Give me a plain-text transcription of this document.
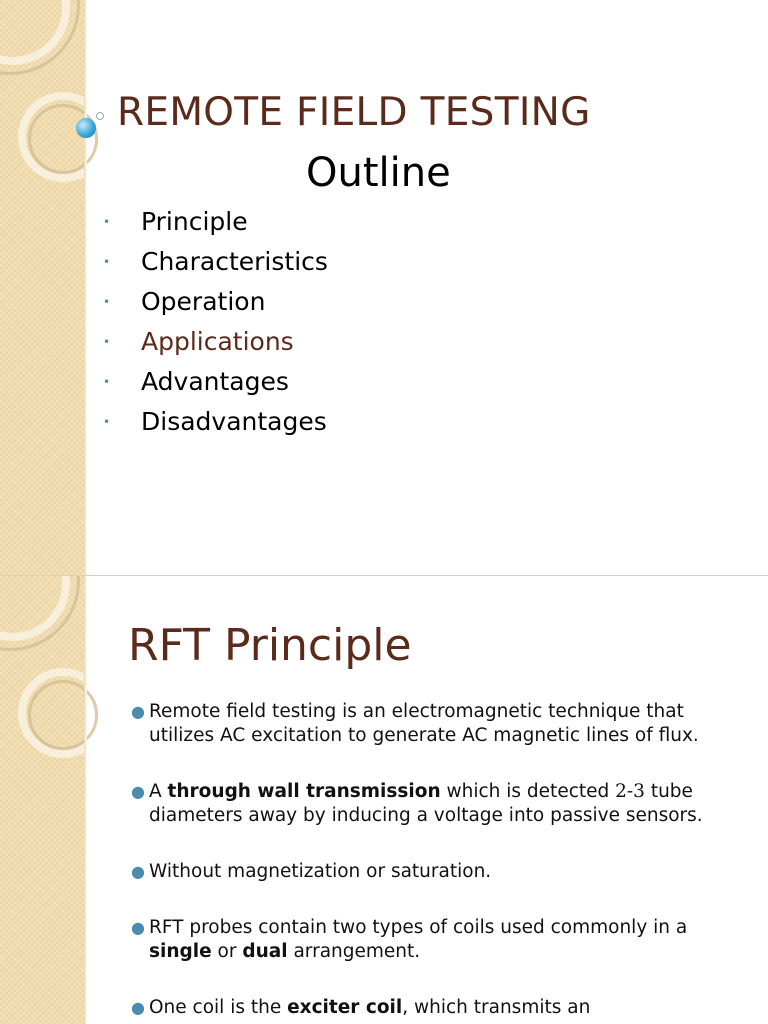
REMOTE FIELD TESTING
Outline
• Principle
• Characteristics
• Operation
• Applications
• Advantages
• Disadvantages
RFT Principle
● Remote field testing is an electromagnetic technique that utilizes AC excitation to generate AC magnetic lines of flux.
● A through wall transmission which is detected 2-3 tube diameters away by inducing a voltage into passive sensors.
● Without magnetization or saturation.
● RFT probes contain two types of coils used commonly in a single or dual arrangement.
● One coil is the exciter coil, which transmits an
